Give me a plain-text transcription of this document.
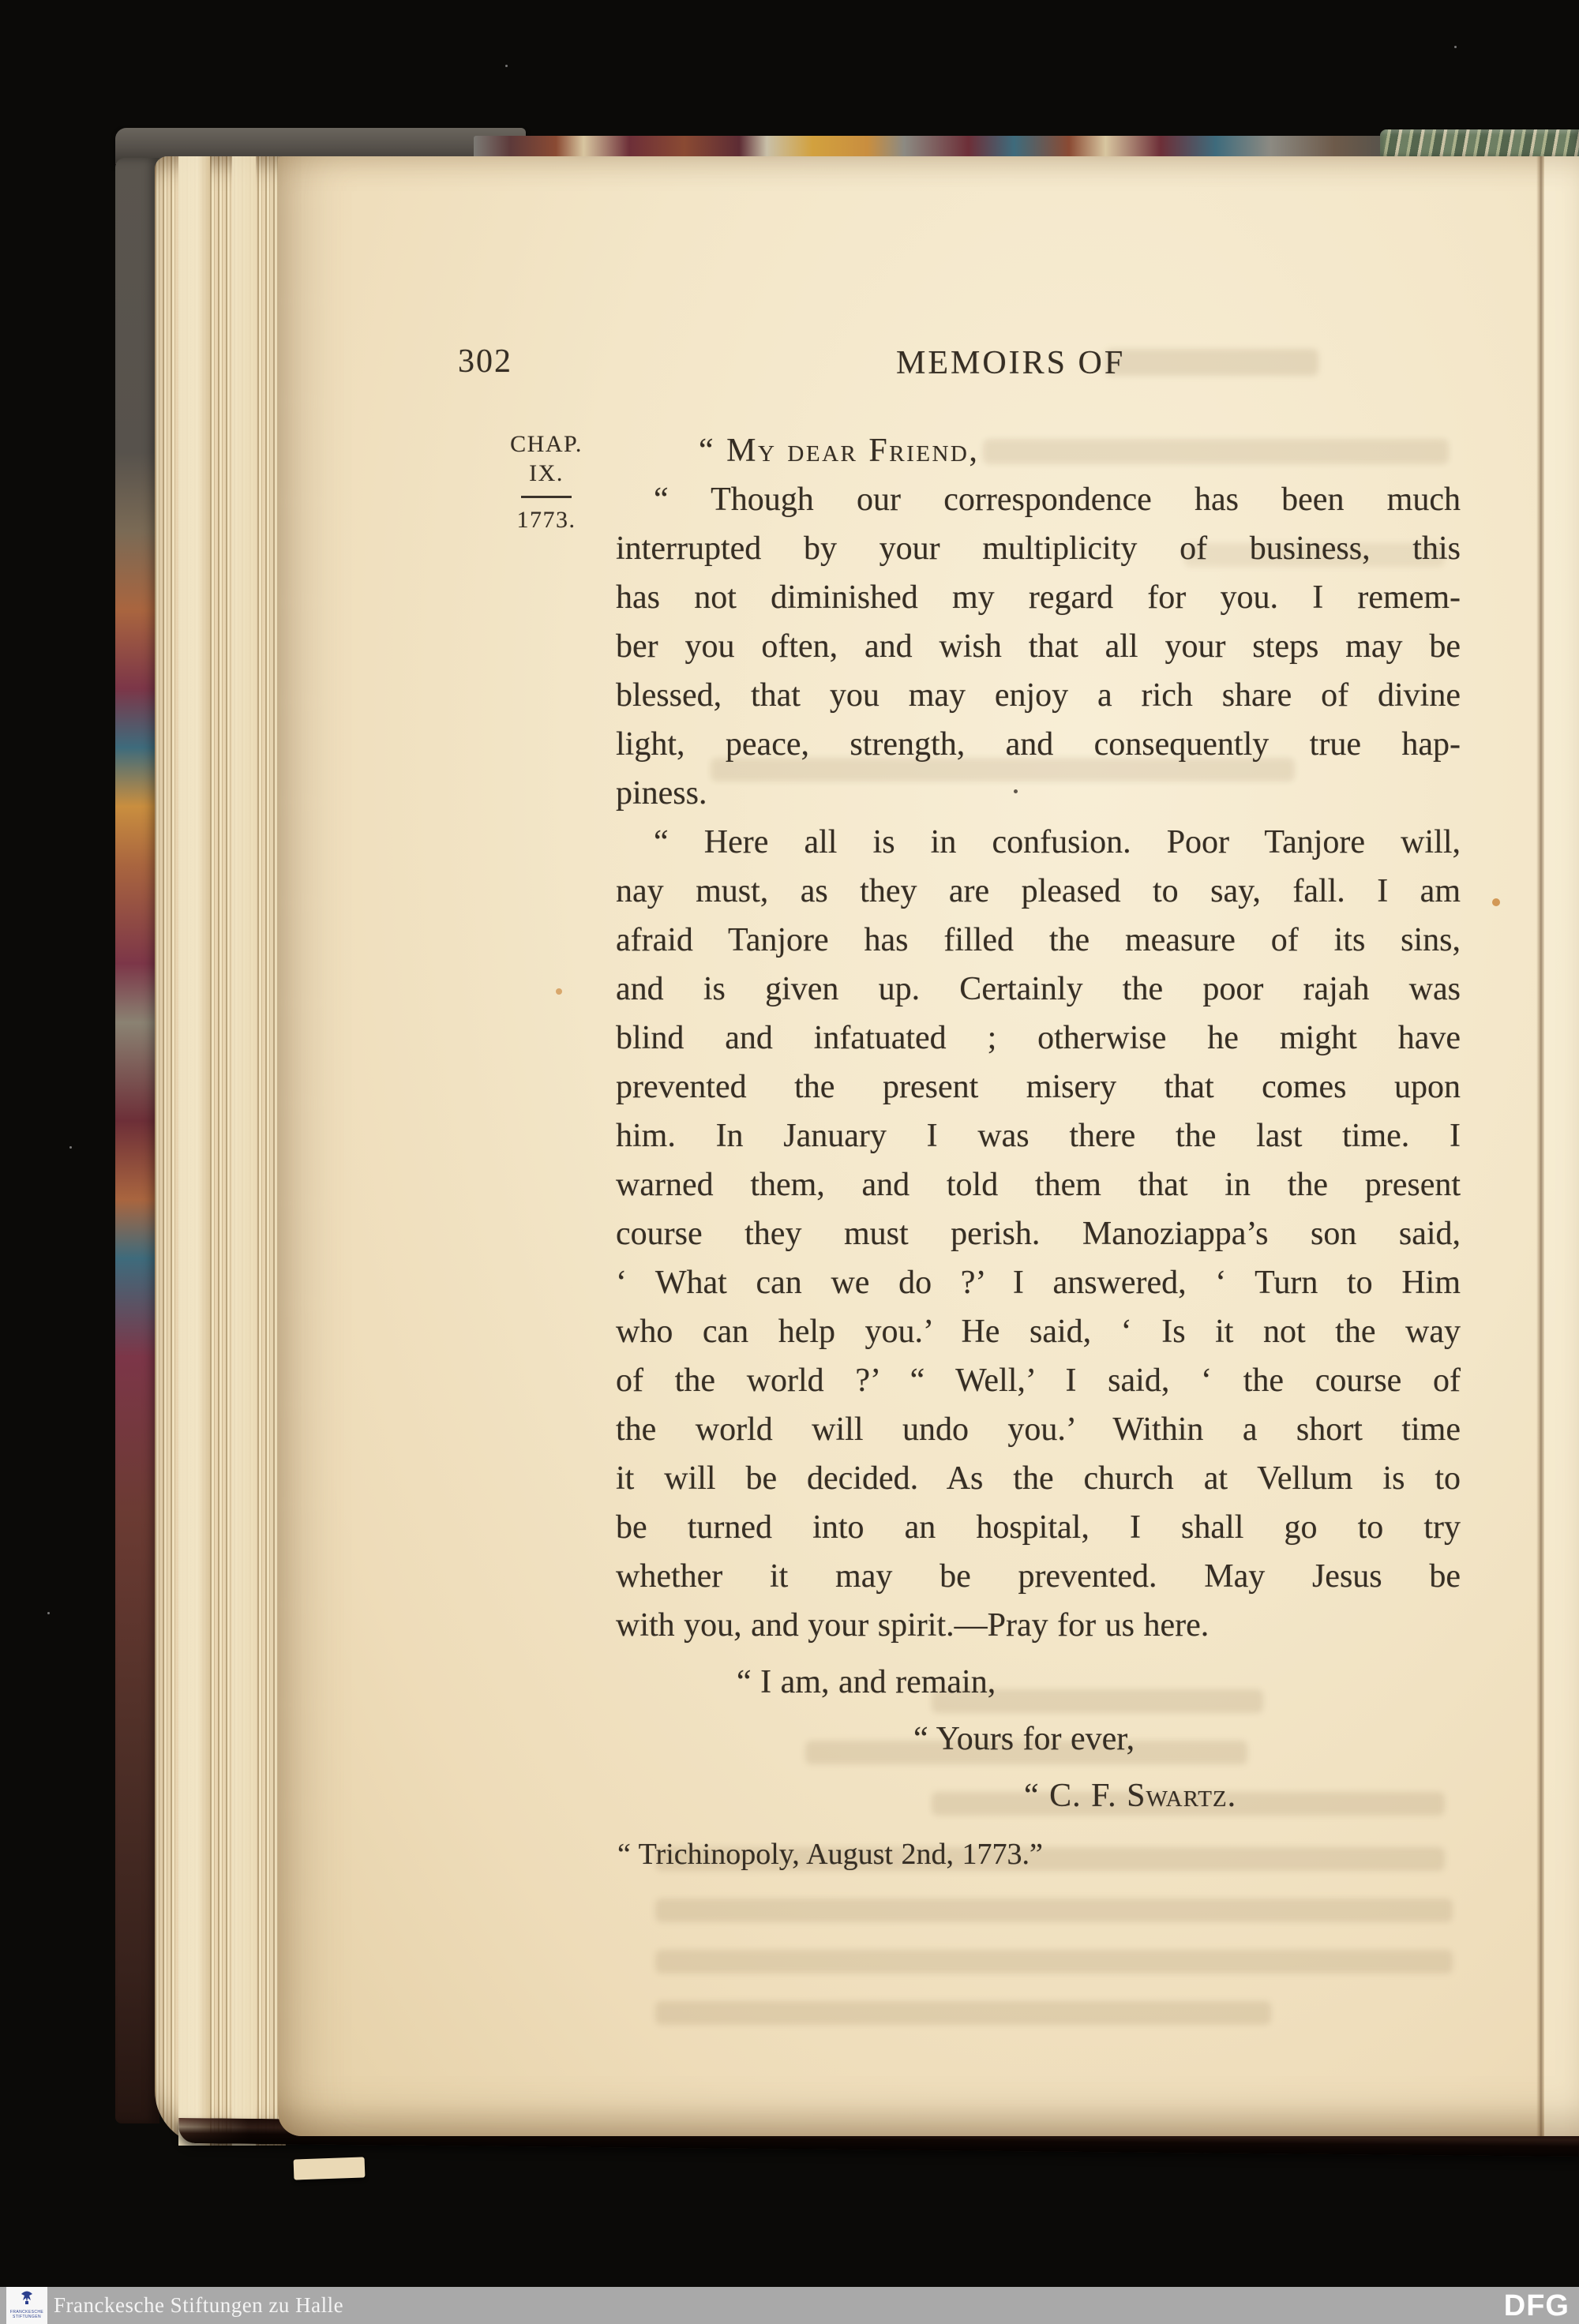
302	MEMOIRS OF
CHAP.
IX.
1773.
“ My dear Friend,
“ Though our correspondence has been much
interrupted by your multiplicity of business, this
has not diminished my regard for you. I remem-
ber you often, and wish that all your steps may be
blessed, that you may enjoy a rich share of divine
light, peace, strength, and consequently true hap-
piness.
“ Here all is in confusion. Poor Tanjore will,
nay must, as they are pleased to say, fall. I am
afraid Tanjore has filled the measure of its sins,
and is given up. Certainly the poor rajah was
blind and infatuated ; otherwise he might have
prevented the present misery that comes upon
him. In January I was there the last time. I
warned them, and told them that in the present
course they must perish. Manoziappa’s son said,
‘ What can we do ?’ I answered, ‘ Turn to Him
who can help you.’ He said, ‘ Is it not the way
of the world ?’ “ Well,’ I said, ‘ the course of
the world will undo you.’ Within a short time
it will be decided. As the church at Vellum is to
be turned into an hospital, I shall go to try
whether it may be prevented. May Jesus be
with you, and your spirit.—Pray for us here.
“ I am, and remain,
“ Yours for ever,
“ C. F. Swartz.
“ Trichinopoly, August 2nd, 1773.”
FRANCKESCHE
STIFTUNGEN Franckesche Stiftungen zu Halle	DFG
